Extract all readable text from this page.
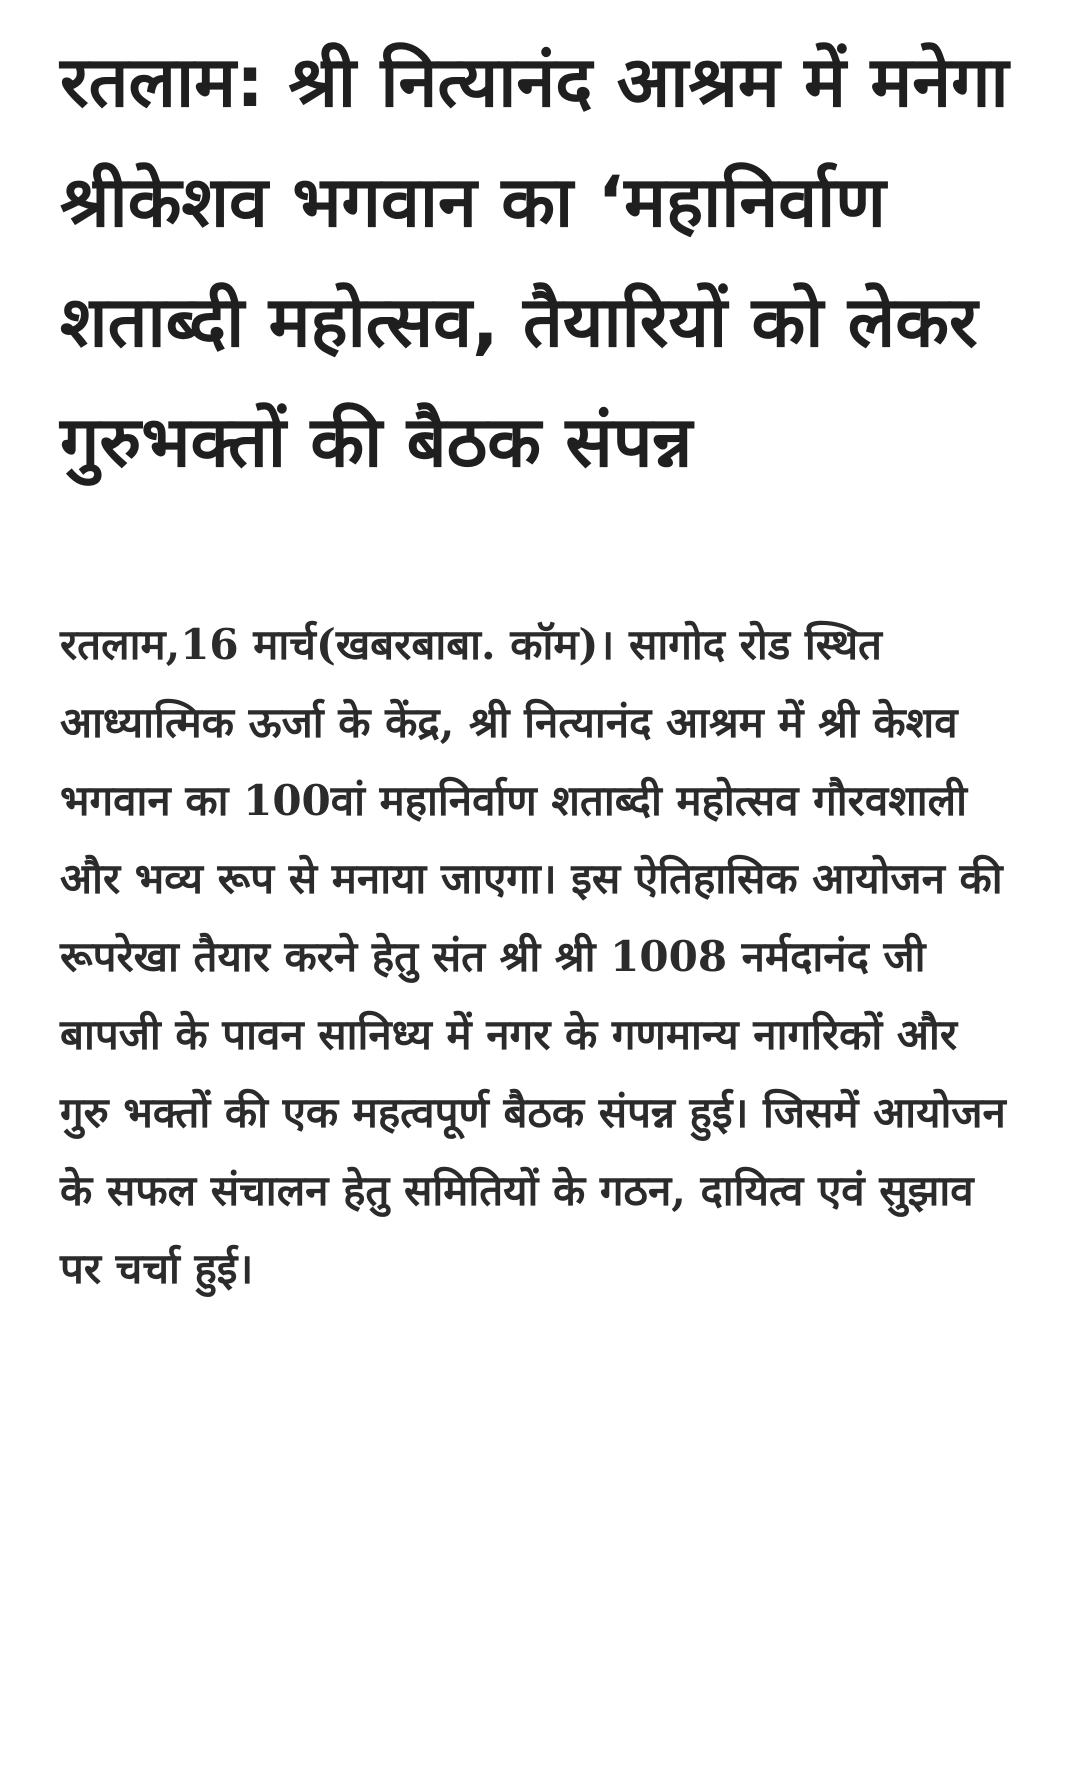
रतलाम: श्री नित्यानंद आश्रम में मनेगा श्रीकेशव भगवान का ‘महानिर्वाण शताब्दी महोत्सव, तैयारियों को लेकर गुरुभक्तों की बैठक संपन्न

रतलाम,16 मार्च(खबरबाबा. कॉम)। सागोद रोड स्थित आध्यात्मिक ऊर्जा के केंद्र, श्री नित्यानंद आश्रम में श्री केशव भगवान का 100वां महानिर्वाण शताब्दी महोत्सव गौरवशाली और भव्य रूप से मनाया जाएगा। इस ऐतिहासिक आयोजन की रूपरेखा तैयार करने हेतु संत श्री श्री 1008 नर्मदानंद जी बापजी के पावन सानिध्य में नगर के गणमान्य नागरिकों और गुरु भक्तों की एक महत्वपूर्ण बैठक संपन्न हुई। जिसमें आयोजन के सफल संचालन हेतु समितियों के गठन, दायित्व एवं सुझाव पर चर्चा हुई।
